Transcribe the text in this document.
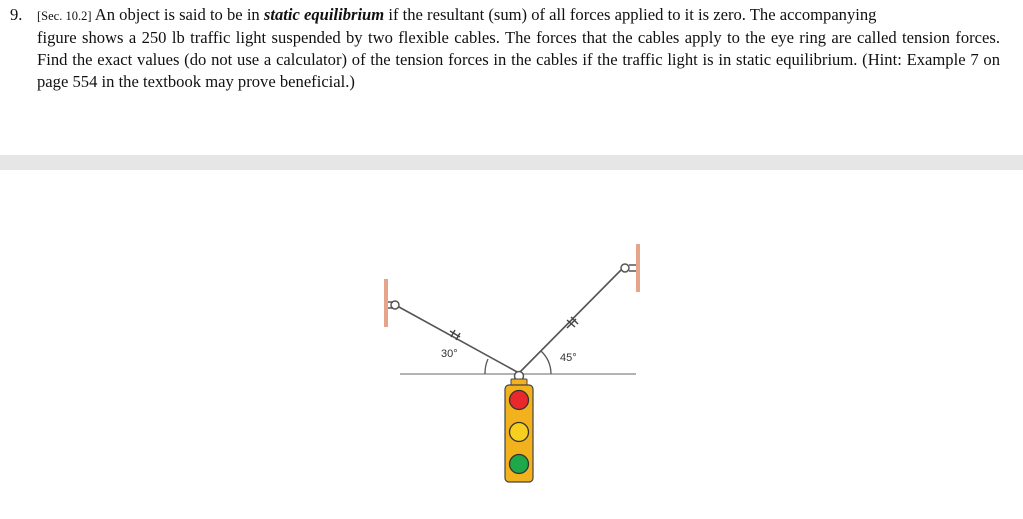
9. [Sec. 10.2] An object is said to be in static equilibrium if the resultant (sum) of all forces applied to it is zero. The accompanying
figure shows a 250 lb traffic light suspended by two flexible cables. The forces that the cables apply to the eye ring are called tension forces. Find the exact values (do not use a calculator) of the tension forces in the cables if the traffic light is in static equilibrium. (Hint: Example 7 on page 554 in the textbook may prove beneficial.)
30°	45°
